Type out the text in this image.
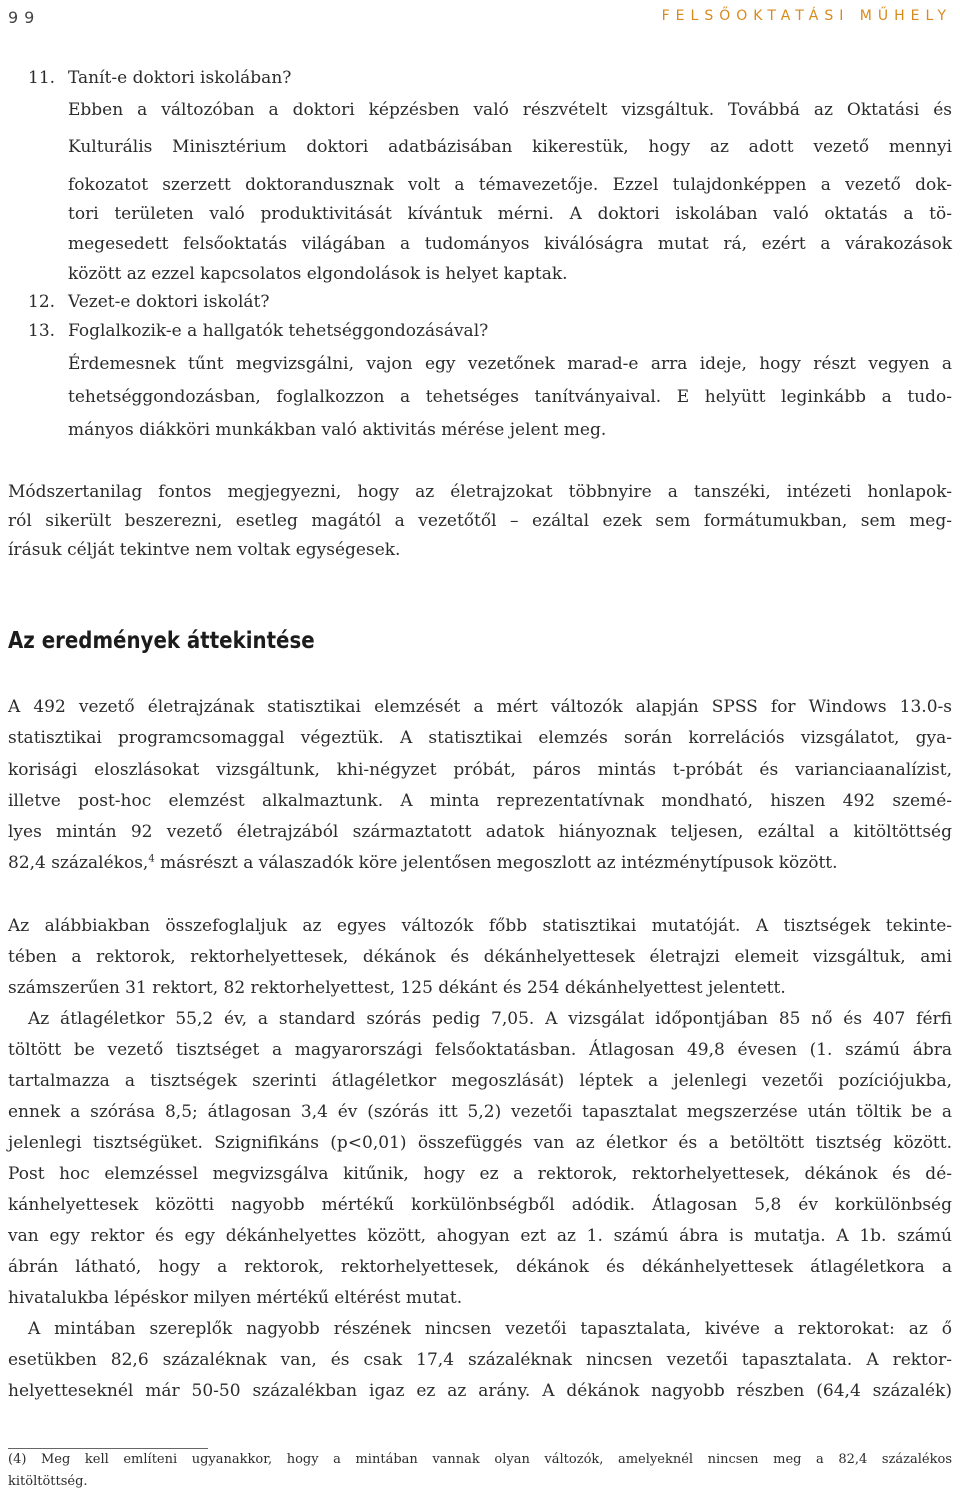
99	FELSŐOKTATÁSI MŰHELY
11. Tanít-e doktori iskolában?
Ebben a változóban a doktori képzésben való részvételt vizsgáltuk. Továbbá az Oktatási és
Kulturális Minisztérium doktori adatbázisában kikerestük, hogy az adott vezető mennyi
fokozatot szerzett doktorandusznak volt a témavezetője. Ezzel tulajdonképpen a vezető dok-
tori területen való produktivitását kívántuk mérni. A doktori iskolában való oktatás a tö-
megesedett felsőoktatás világában a tudományos kiválóságra mutat rá, ezért a várakozások
között az ezzel kapcsolatos elgondolások is helyet kaptak.
12. Vezet-e doktori iskolát?
13. Foglalkozik-e a hallgatók tehetséggondozásával?
Érdemesnek tűnt megvizsgálni, vajon egy vezetőnek marad-e arra ideje, hogy részt vegyen a
tehetséggondozásban, foglalkozzon a tehetséges tanítványaival. E helyütt leginkább a tudo-
mányos diákköri munkákban való aktivitás mérése jelent meg.
Módszertanilag fontos megjegyezni, hogy az életrajzokat többnyire a tanszéki, intézeti honlapok-
ról sikerült beszerezni, esetleg magától a vezetőtől – ezáltal ezek sem formátumukban, sem meg-
írásuk célját tekintve nem voltak egységesek.
Az eredmények áttekintése
A 492 vezető életrajzának statisztikai elemzését a mért változók alapján SPSS for Windows 13.0-s
statisztikai programcsomaggal végeztük. A statisztikai elemzés során korrelációs vizsgálatot, gya-
korisági eloszlásokat vizsgáltunk, khi-négyzet próbát, páros mintás t-próbát és varianciaanalízist,
illetve post-hoc elemzést alkalmaztunk. A minta reprezentatívnak mondható, hiszen 492 szemé-
lyes mintán 92 vezető életrajzából származtatott adatok hiányoznak teljesen, ezáltal a kitöltöttség
82,4 százalékos,$^4$ másrészt a válaszadók köre jelentősen megoszlott az intézménytípusok között.
Az alábbiakban összefoglaljuk az egyes változók főbb statisztikai mutatóját. A tisztségek tekinte-
tében a rektorok, rektorhelyettesek, dékánok és dékánhelyettesek életrajzi elemeit vizsgáltuk, ami
számszerűen 31 rektort, 82 rektorhelyettest, 125 dékánt és 254 dékánhelyettest jelentett.
Az átlagéletkor 55,2 év, a standard szórás pedig 7,05. A vizsgálat időpontjában 85 nő és 407 férfi
töltött be vezető tisztséget a magyarországi felsőoktatásban. Átlagosan 49,8 évesen (1. számú ábra
tartalmazza a tisztségek szerinti átlagéletkor megoszlását) léptek a jelenlegi vezetői pozíciójukba,
ennek a szórása 8,5; átlagosan 3,4 év (szórás itt 5,2) vezetői tapasztalat megszerzése után töltik be a
jelenlegi tisztségüket. Szignifikáns (p<0,01) összefüggés van az életkor és a betöltött tisztség között.
Post hoc elemzéssel megvizsgálva kitűnik, hogy ez a rektorok, rektorhelyettesek, dékánok és dé-
kánhelyettesek közötti nagyobb mértékű korkülönbségből adódik. Átlagosan 5,8 év korkülönbség
van egy rektor és egy dékánhelyettes között, ahogyan ezt az 1. számú ábra is mutatja. A 1b. számú
ábrán látható, hogy a rektorok, rektorhelyettesek, dékánok és dékánhelyettesek átlagéletkora a
hivatalukba lépéskor milyen mértékű eltérést mutat.
A mintában szereplők nagyobb részének nincsen vezetői tapasztalata, kivéve a rektorokat: az ő
esetükben 82,6 százaléknak van, és csak 17,4 százaléknak nincsen vezetői tapasztalata. A rektor-
helyetteseknél már 50-50 százalékban igaz ez az arány. A dékánok nagyobb részben (64,4 százalék)
(4) Meg kell említeni ugyanakkor, hogy a mintában vannak olyan változók, amelyeknél nincsen meg a 82,4 százalékos
kitöltöttség.
